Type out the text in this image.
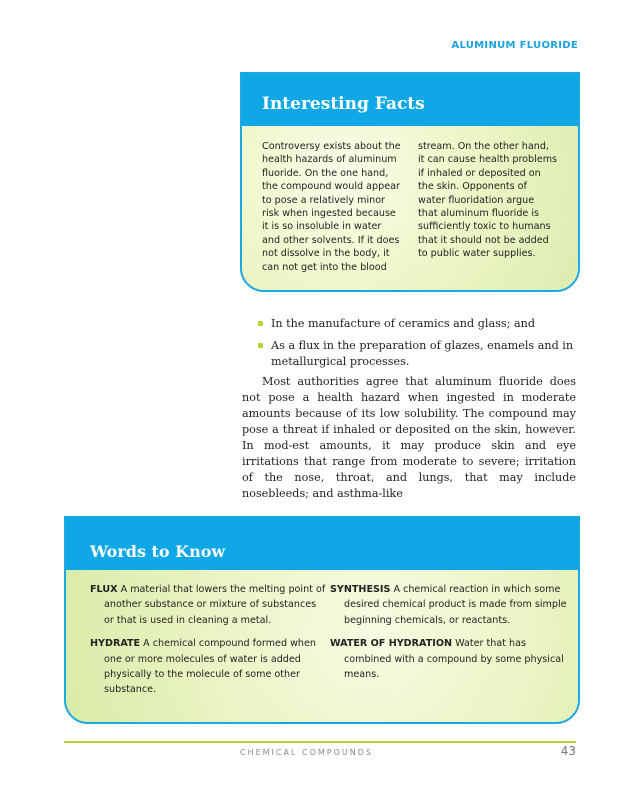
ALUMINUM FLUORIDE
Interesting Facts
Controversy exists about the
health hazards of aluminum
fluoride. On the one hand,
the compound would appear
to pose a relatively minor
risk when ingested because
it is so insoluble in water
and other solvents. If it does
not dissolve in the body, it
can not get into the blood
stream. On the other hand,
it can cause health problems
if inhaled or deposited on
the skin. Opponents of
water fluoridation argue
that aluminum fluoride is
sufficiently toxic to humans
that it should not be added
to public water supplies.
In the manufacture of ceramics and glass; and
As a flux in the preparation of glazes, enamels and in metallurgical processes.

Most authorities agree that aluminum fluoride does not pose a health hazard when ingested in moderate amounts because of its low solubility. The compound may pose a threat if inhaled or deposited on the skin, however. In mod-est amounts, it may produce skin and eye irritations that range from moderate to severe; irritation of the nose, throat, and lungs, that may include nosebleeds; and asthma-like

Words to Know
FLUX A material that lowers the melting point of another substance or mixture of substances or that is used in cleaning a metal.
HYDRATE A chemical compound formed when one or more molecules of water is added physically to the molecule of some other substance.
SYNTHESIS A chemical reaction in which some desired chemical product is made from simple beginning chemicals, or reactants.
WATER OF HYDRATION Water that has combined with a compound by some physical means.
CHEMICAL COMPOUNDS	43
